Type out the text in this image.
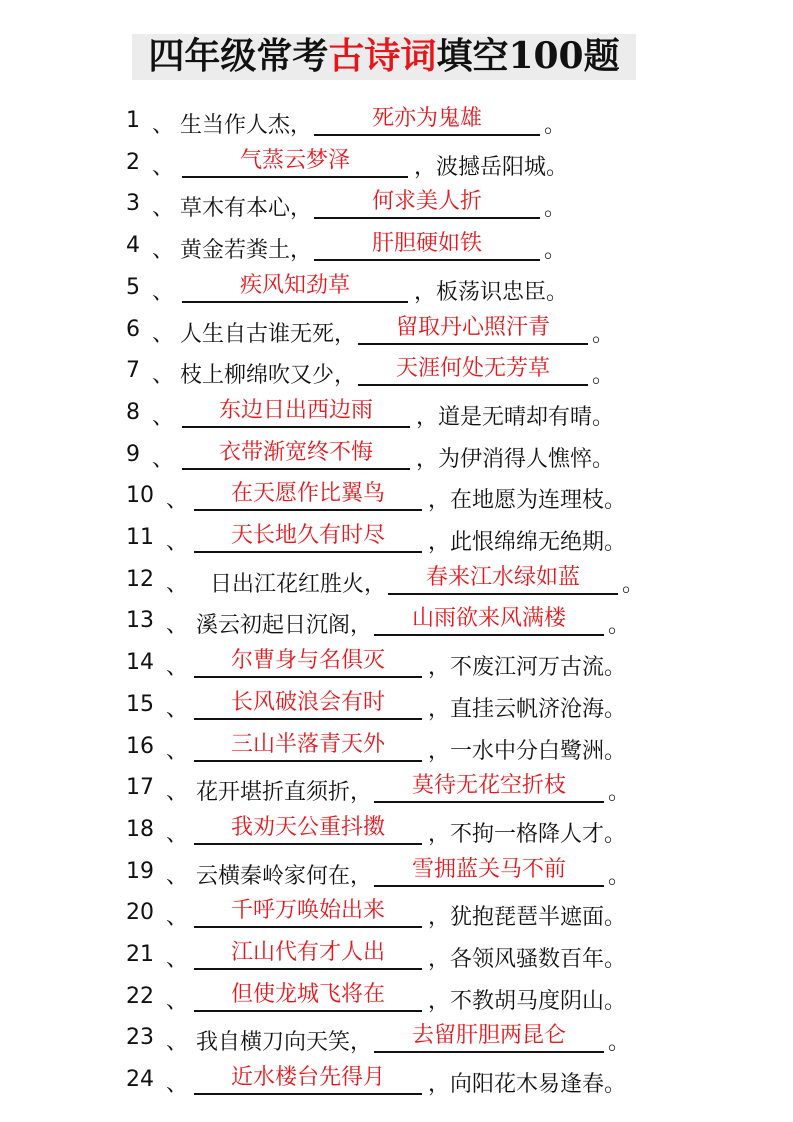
四年级常考古诗词填空100题
1 、 生当作人杰，	死亦为鬼雄	。
2 、	气蒸云梦泽	，波撼岳阳城。
3 、 草木有本心，	何求美人折	。
4 、 黄金若粪土，	肝胆硬如铁	。
5 、	疾风知劲草	，板荡识忠臣。
6 、 人生自古谁无死，	留取丹心照汗青	。
7 、 枝上柳绵吹又少，	天涯何处无芳草	。
8 、	东边日出西边雨	，道是无晴却有晴。
9 、	衣带渐宽终不悔	，为伊消得人憔悴。
10 、	在天愿作比翼鸟	，在地愿为连理枝。
11 、	天长地久有时尽	，此恨绵绵无绝期。
12 、 日出江花红胜火，	春来江水绿如蓝	。
13 、 溪云初起日沉阁，	山雨欲来风满楼	。
14 、	尔曹身与名俱灭	，不废江河万古流。
15 、	长风破浪会有时	，直挂云帆济沧海。
16 、	三山半落青天外	，一水中分白鹭洲。
17 、 花开堪折直须折，	莫待无花空折枝	。
18 、	我劝天公重抖擞	，不拘一格降人才。
19 、 云横秦岭家何在，	雪拥蓝关马不前	。
20 、	千呼万唤始出来	，犹抱琵琶半遮面。
21 、	江山代有才人出	，各领风骚数百年。
22 、	但使龙城飞将在	，不教胡马度阴山。
23 、 我自横刀向天笑，	去留肝胆两昆仑	。
24 、	近水楼台先得月	，向阳花木易逢春。
